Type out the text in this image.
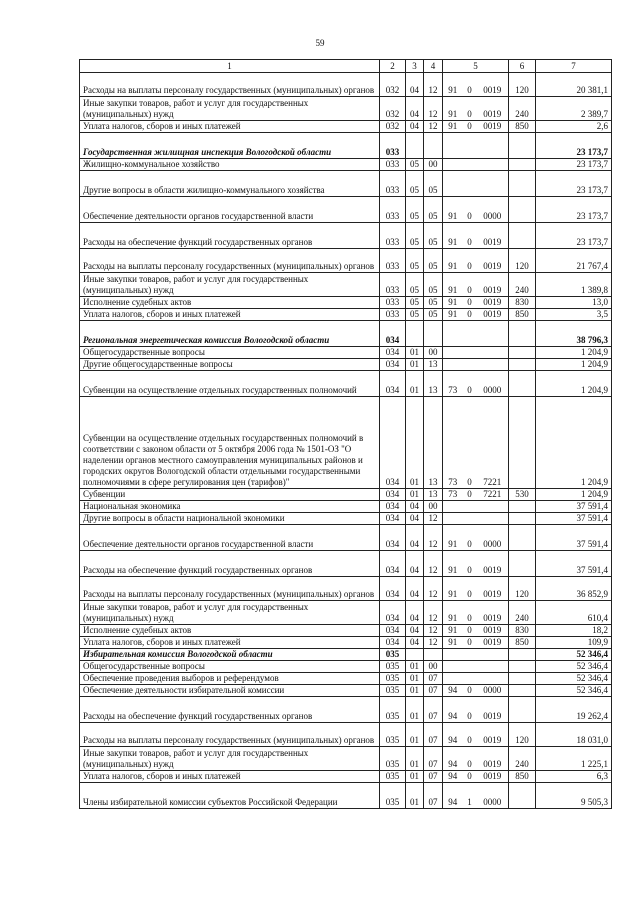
59
1	2	3	4	5			6	7
Расходы на выплаты персоналу государственных (муниципальных) органов	032	04	12	91	0	0019	120	20 381,1
Иные закупки товаров, работ и услуг для государственных (муниципальных) нужд	032	04	12	91	0	0019	240	2 389,7
Уплата налогов, сборов и иных платежей	032	04	12	91	0	0019	850	2,6
Государственная жилищная инспекция Вологодской области	033							23 173,7
Жилищно-коммунальное хозяйство	033	05	00					23 173,7
Другие вопросы в области жилищно-коммунального хозяйства	033	05	05					23 173,7
Обеспечение деятельности органов государственной власти	033	05	05	91	0	0000		23 173,7
Расходы на обеспечение функций государственных органов	033	05	05	91	0	0019		23 173,7
Расходы на выплаты персоналу государственных (муниципальных) органов	033	05	05	91	0	0019	120	21 767,4
Иные закупки товаров, работ и услуг для государственных (муниципальных) нужд	033	05	05	91	0	0019	240	1 389,8
Исполнение судебных актов	033	05	05	91	0	0019	830	13,0
Уплата налогов, сборов и иных платежей	033	05	05	91	0	0019	850	3,5
Региональная энергетическая комиссия Вологодской области	034							38 796,3
Общегосударственные вопросы	034	01	00					1 204,9
Другие общегосударственные вопросы	034	01	13					1 204,9
Субвенции на осуществление отдельных государственных полномочий	034	01	13	73	0	0000		1 204,9
Субвенции на осуществление отдельных государственных полномочий в соответствии с законом области от 5 октября 2006 года № 1501-ОЗ "О наделении органов местного самоуправления муниципальных районов и городских округов Вологодской области отдельными государственными полномочиями в сфере регулирования цен (тарифов)"	034	01	13	73	0	7221		1 204,9
Субвенции	034	01	13	73	0	7221	530	1 204,9
Национальная экономика	034	04	00					37 591,4
Другие вопросы в области национальной экономики	034	04	12					37 591,4
Обеспечение деятельности органов государственной власти	034	04	12	91	0	0000		37 591,4
Расходы на обеспечение функций государственных органов	034	04	12	91	0	0019		37 591,4
Расходы на выплаты персоналу государственных (муниципальных) органов	034	04	12	91	0	0019	120	36 852,9
Иные закупки товаров, работ и услуг для государственных (муниципальных) нужд	034	04	12	91	0	0019	240	610,4
Исполнение судебных актов	034	04	12	91	0	0019	830	18,2
Уплата налогов, сборов и иных платежей	034	04	12	91	0	0019	850	109,9
Избирательная комиссия Вологодской области	035							52 346,4
Общегосударственные вопросы	035	01	00					52 346,4
Обеспечение проведения выборов и референдумов	035	01	07					52 346,4
Обеспечение деятельности избирательной комиссии	035	01	07	94	0	0000		52 346,4
Расходы на обеспечение функций государственных органов	035	01	07	94	0	0019		19 262,4
Расходы на выплаты персоналу государственных (муниципальных) органов	035	01	07	94	0	0019	120	18 031,0
Иные закупки товаров, работ и услуг для государственных (муниципальных) нужд	035	01	07	94	0	0019	240	1 225,1
Уплата налогов, сборов и иных платежей	035	01	07	94	0	0019	850	6,3
Члены избирательной комиссии субъектов Российской Федерации	035	01	07	94	1	0000		9 505,3
